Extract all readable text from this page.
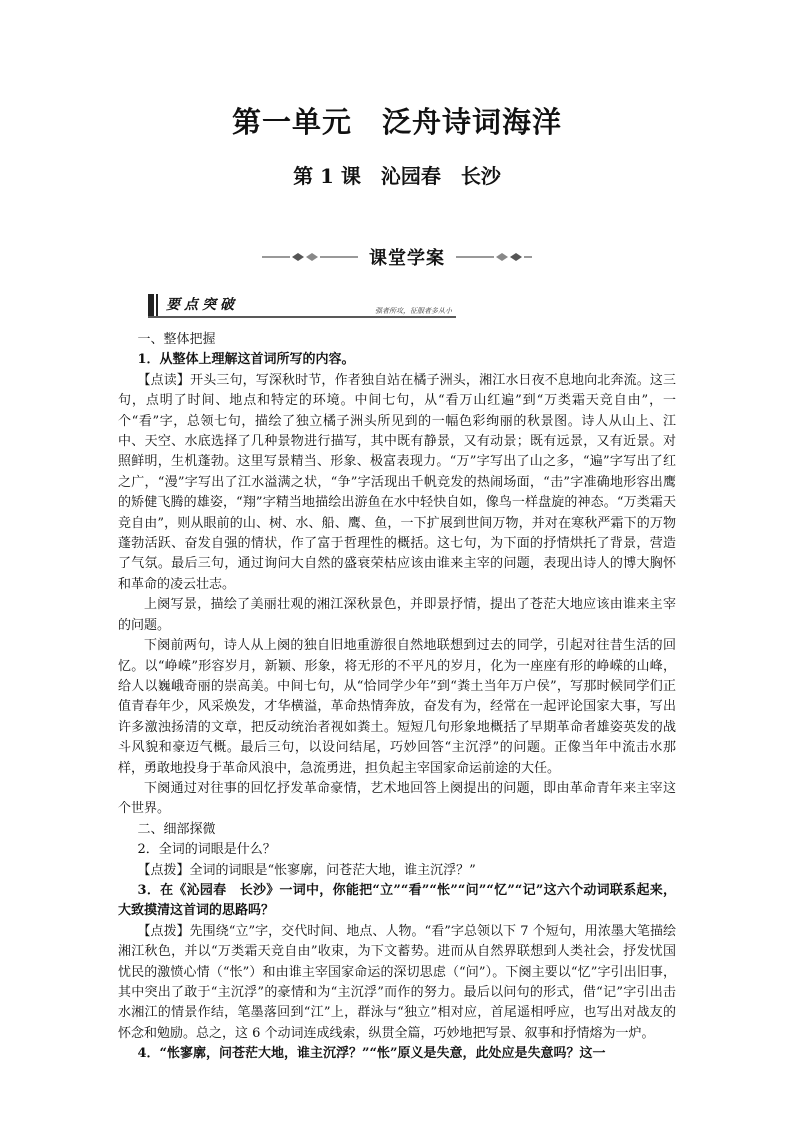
第一单元　泛舟诗词海洋
第 1 课　沁园春　长沙
课堂学案
要点突破	强者所攻，征服者多从小

一、整体把握

1．从整体上理解这首词所写的内容。

【点读】开头三句，写深秋时节，作者独自站在橘子洲头，湘江水日夜不息地向北奔流。这三句，点明了时间、地点和特定的环境。中间七句，从“看万山红遍”到“万类霜天竞自由”，一个“看”字，总领七句，描绘了独立橘子洲头所见到的一幅色彩绚丽的秋景图。诗人从山上、江中、天空、水底选择了几种景物进行描写，其中既有静景，又有动景；既有远景，又有近景。对照鲜明，生机蓬勃。这里写景精当、形象、极富表现力。“万”字写出了山之多，“遍”字写出了红之广，“漫”字写出了江水溢满之状，“争”字活现出千帆竞发的热闹场面，“击”字准确地形容出鹰的矫健飞腾的雄姿，“翔”字精当地描绘出游鱼在水中轻快自如，像鸟一样盘旋的神态。“万类霜天竞自由”，则从眼前的山、树、水、船、鹰、鱼，一下扩展到世间万物，并对在寒秋严霜下的万物蓬勃活跃、奋发自强的情状，作了富于哲理性的概括。这七句，为下面的抒情烘托了背景，营造了气氛。最后三句，通过询问大自然的盛衰荣枯应该由谁来主宰的问题，表现出诗人的博大胸怀和革命的凌云壮志。

上阕写景，描绘了美丽壮观的湘江深秋景色，并即景抒情，提出了苍茫大地应该由谁来主宰的问题。

下阕前两句，诗人从上阕的独自旧地重游很自然地联想到过去的同学，引起对往昔生活的回忆。以“峥嵘”形容岁月，新颖、形象，将无形的不平凡的岁月，化为一座座有形的峥嵘的山峰，给人以巍峨奇丽的崇高美。中间七句，从“恰同学少年”到“粪土当年万户侯”，写那时候同学们正值青春年少，风采焕发，才华横溢，革命热情奔放，奋发有为，经常在一起评论国家大事，写出许多激浊扬清的文章，把反动统治者视如粪土。短短几句形象地概括了早期革命者雄姿英发的战斗风貌和豪迈气概。最后三句，以设问结尾，巧妙回答“主沉浮”的问题。正像当年中流击水那样，勇敢地投身于革命风浪中，急流勇进，担负起主宰国家命运前途的大任。

下阕通过对往事的回忆抒发革命豪情，艺术地回答上阕提出的问题，即由革命青年来主宰这个世界。

二、细部探微

2．全词的词眼是什么？

【点拨】全词的词眼是“怅寥廓，问苍茫大地，谁主沉浮？”

3．在《沁园春　长沙》一词中，你能把“立”“看”“怅”“问”“忆”“记”这六个动词联系起来，大致摸清这首词的思路吗？

【点拨】先围绕“立”字，交代时间、地点、人物。“看”字总领以下 7 个短句，用浓墨大笔描绘湘江秋色，并以“万类霜天竞自由”收束，为下文蓄势。进而从自然界联想到人类社会，抒发忧国忧民的激愤心情（“怅”）和由谁主宰国家命运的深切思虑（“问”）。下阕主要以“忆”字引出旧事，其中突出了敢于“主沉浮”的豪情和为“主沉浮”而作的努力。最后以问句的形式，借“记”字引出击水湘江的情景作结，笔墨落回到“江”上，群泳与“独立”相对应，首尾遥相呼应，也写出对战友的怀念和勉励。总之，这 6 个动词连成线索，纵贯全篇，巧妙地把写景、叙事和抒情熔为一炉。

4．“怅寥廓，问苍茫大地，谁主沉浮？”“怅”原义是失意，此处应是失意吗？这一
